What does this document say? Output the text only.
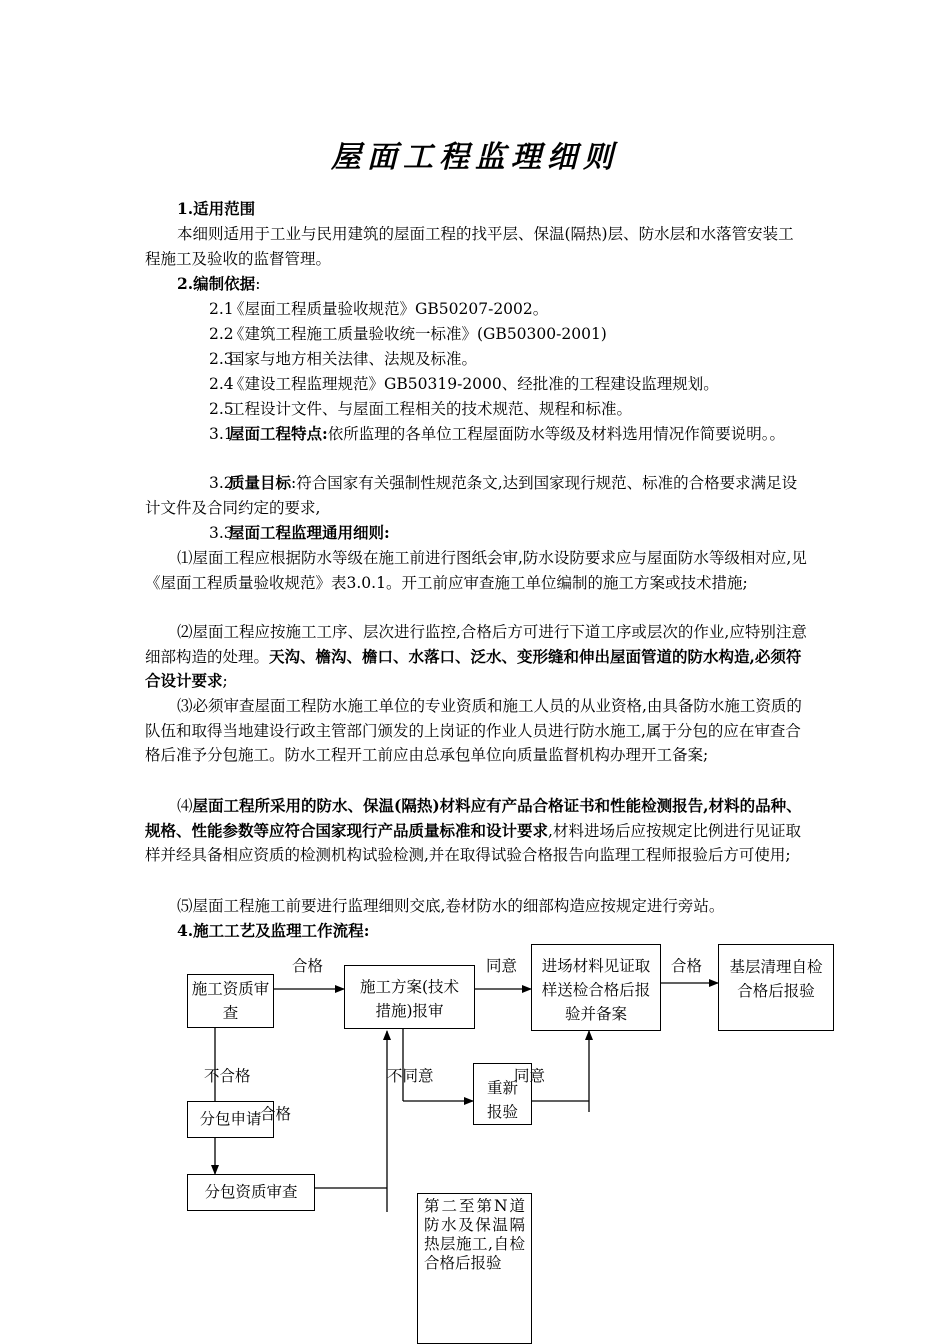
屋面工程监理细则
1.适用范围
本细则适用于工业与民用建筑的屋面工程的找平层、保温(隔热)层、防水层和水落管安装工程施工及验收的监督管理。
2.编制依据:
2.1《屋面工程质量验收规范》GB50207-2002。
2.2《建筑工程施工质量验收统一标准》(GB50300-2001)
2.3国家与地方相关法律、法规及标准。
2.4《建设工程监理规范》GB50319-2000、经批准的工程建设监理规划。
2.5工程设计文件、与屋面工程相关的技术规范、规程和标准。
3.1屋面工程特点:依所监理的各单位工程屋面防水等级及材料选用情况作简要说明。。
3.2质量目标:符合国家有关强制性规范条文,达到国家现行规范、标准的合格要求满足设计文件及合同约定的要求,
3.3屋面工程监理通用细则:
⑴屋面工程应根据防水等级在施工前进行图纸会审,防水设防要求应与屋面防水等级相对应,见《屋面工程质量验收规范》表3.0.1。开工前应审查施工单位编制的施工方案或技术措施;
⑵屋面工程应按施工工序、层次进行监控,合格后方可进行下道工序或层次的作业,应特别注意细部构造的处理。天沟、檐沟、檐口、水落口、泛水、变形缝和伸出屋面管道的防水构造,必须符合设计要求;
⑶必须审查屋面工程防水施工单位的专业资质和施工人员的从业资格,由具备防水施工资质的队伍和取得当地建设行政主管部门颁发的上岗证的作业人员进行防水施工,属于分包的应在审查合格后准予分包施工。防水工程开工前应由总承包单位向质量监督机构办理开工备案;
⑷屋面工程所采用的防水、保温(隔热)材料应有产品合格证书和性能检测报告,材料的品种、规格、性能参数等应符合国家现行产品质量标准和设计要求,材料进场后应按规定比例进行见证取样并经具备相应资质的检测机构试验检测,并在取得试验合格报告向监理工程师报验后方可使用;
⑸屋面工程施工前要进行监理细则交底,卷材防水的细部构造应按规定进行旁站。
4.施工工艺及监理工作流程:
施工资质审查
施工方案(技术措施)报审
进场材料见证取样送检合格后报验并备案
基层清理自检合格后报验
重新报验
分包申请
分包资质审查
第二至第N道防水及保温隔热层施工,自检合格后报验
合格	同意	合格
不合格	不同意	同意
合格
